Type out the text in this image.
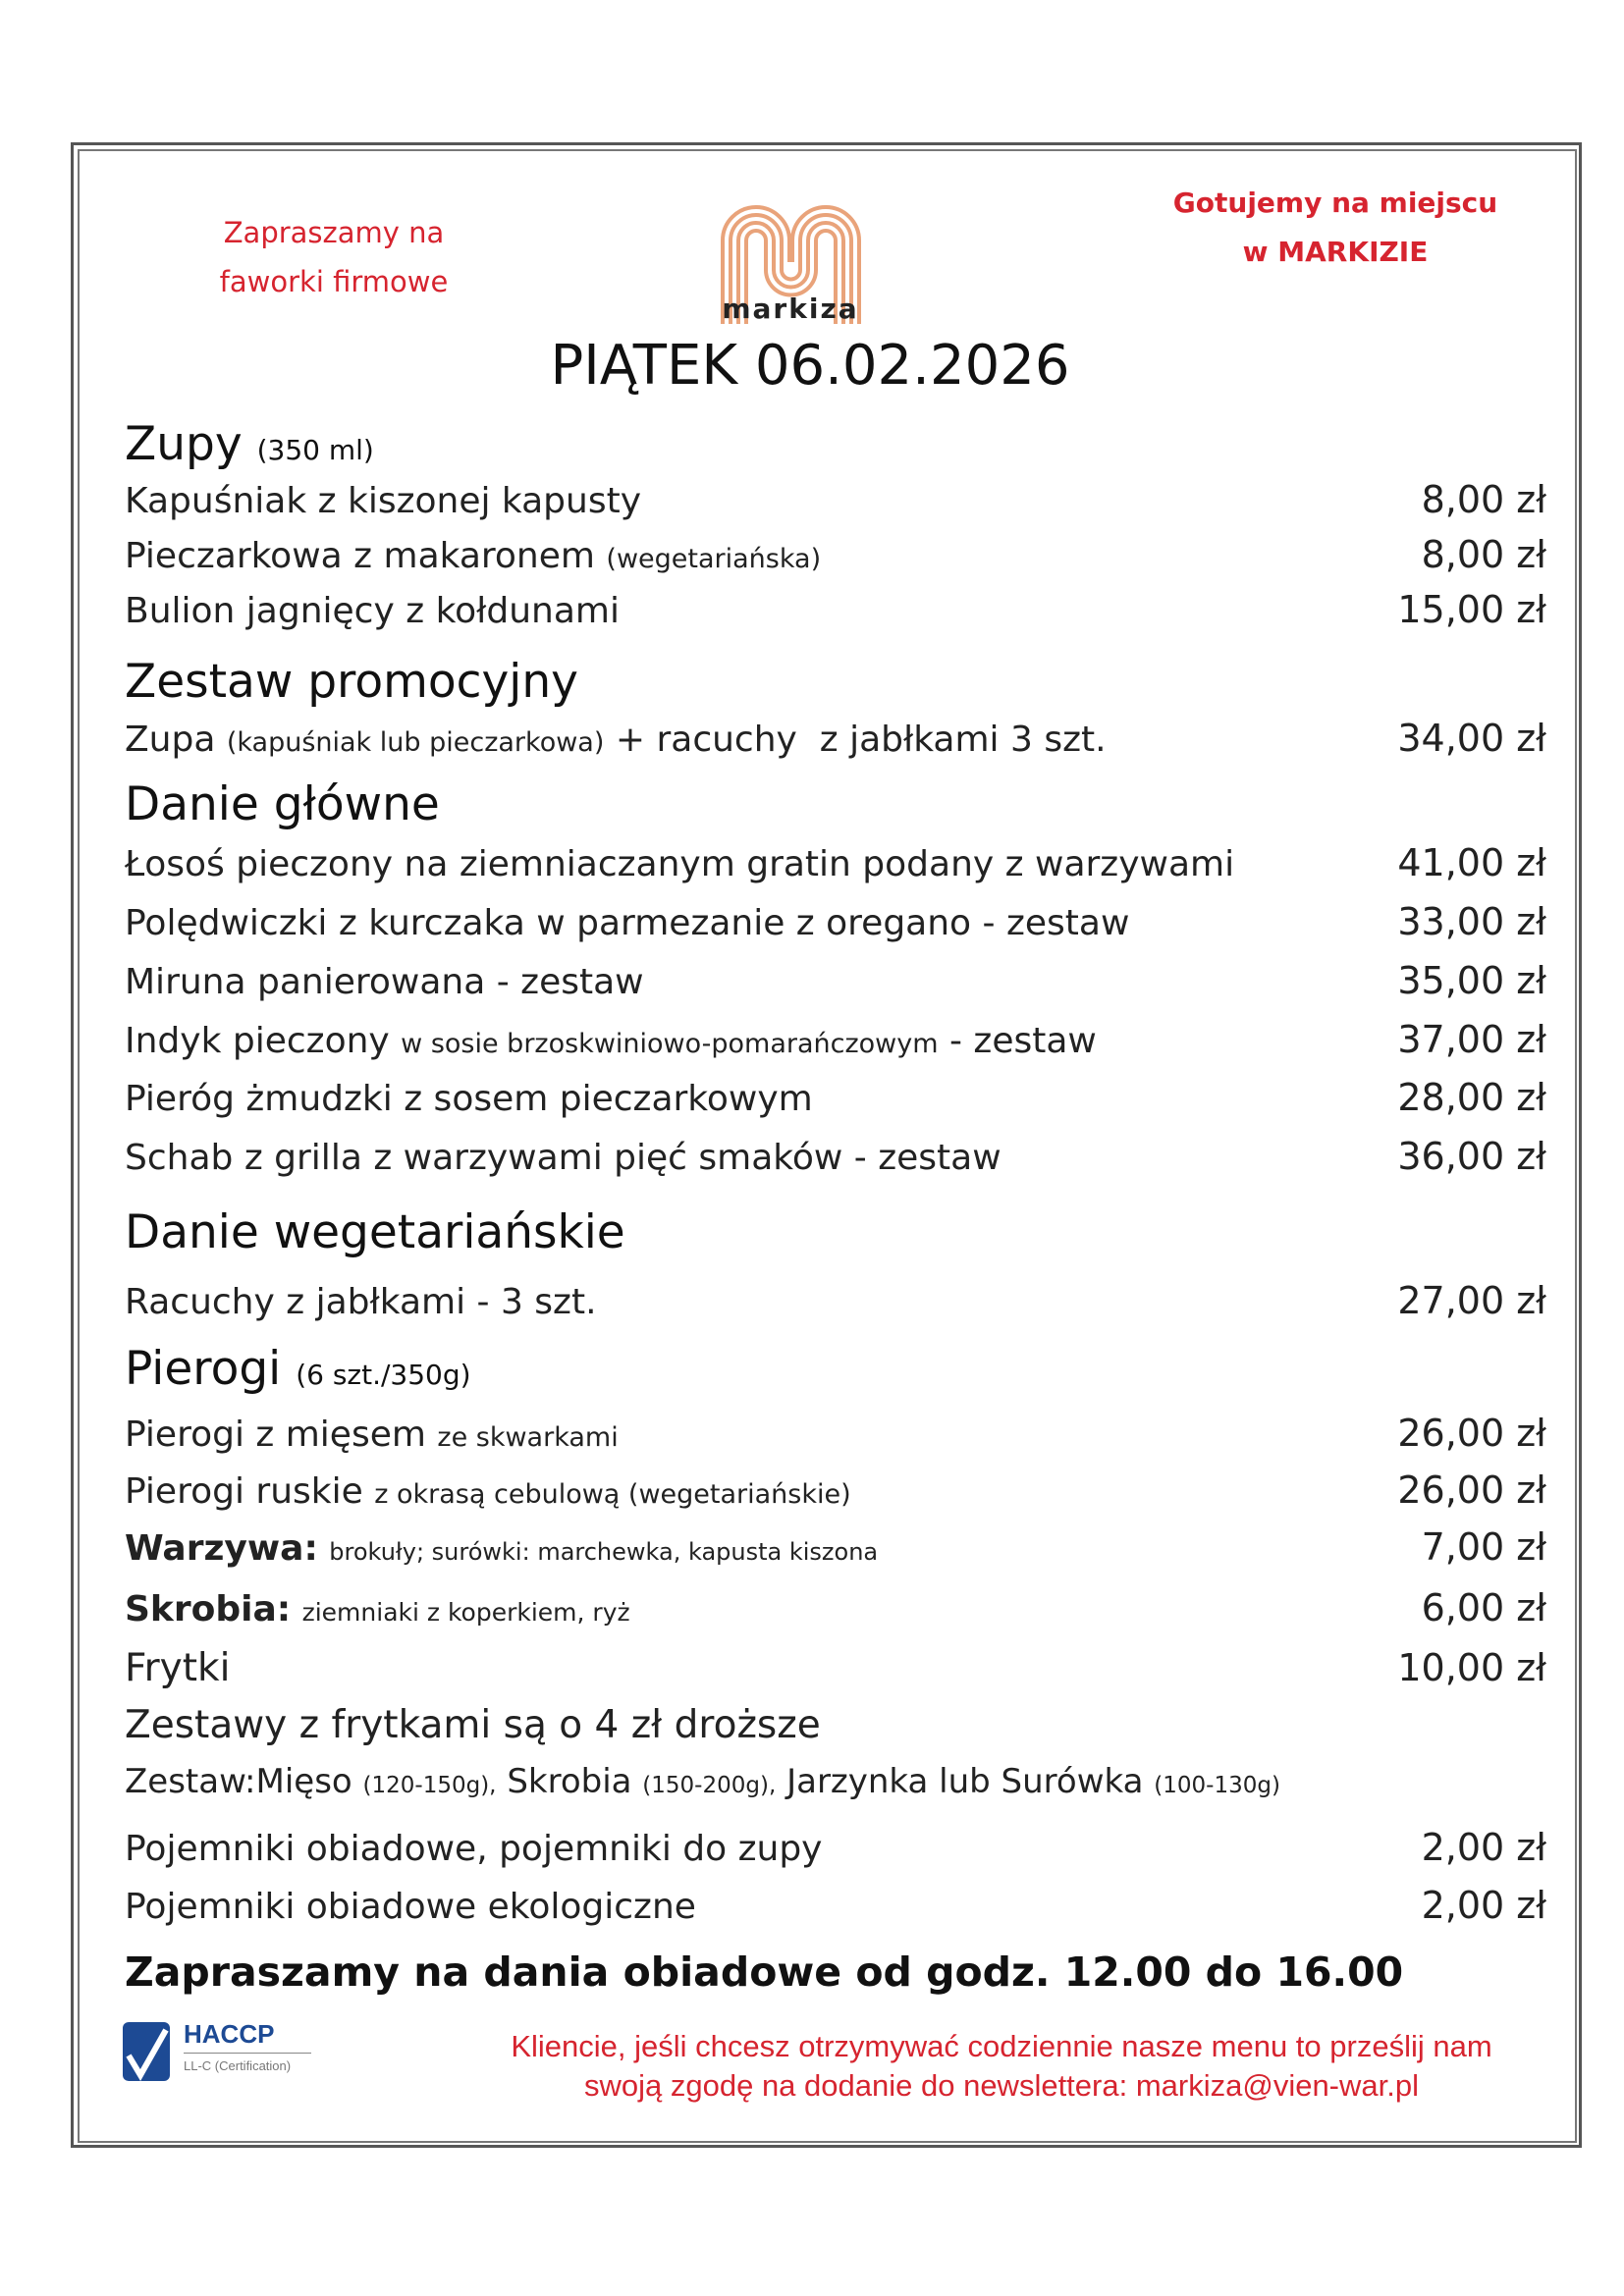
Zapraszamy na
faworki firmowe
Gotujemy na miejscu
w MARKIZIE
markiza
PIĄTEK 06.02.2026
Zupy (350 ml)
Kapuśniak z kiszonej kapusty	8,00 zł
Pieczarkowa z makaronem (wegetariańska)	8,00 zł
Bulion jagnięcy z kołdunami	15,00 zł
Zestaw promocyjny
Zupa (kapuśniak lub pieczarkowa) + racuchy  z jabłkami 3 szt.	34,00 zł
Danie główne
Łosoś pieczony na ziemniaczanym gratin podany z warzywami	41,00 zł
Polędwiczki z kurczaka w parmezanie z oregano - zestaw	33,00 zł
Miruna panierowana - zestaw	35,00 zł
Indyk pieczony w sosie brzoskwiniowo-pomarańczowym - zestaw	37,00 zł
Pieróg żmudzki z sosem pieczarkowym	28,00 zł
Schab z grilla z warzywami pięć smaków - zestaw	36,00 zł
Danie wegetariańskie
Racuchy z jabłkami - 3 szt.	27,00 zł
Pierogi (6 szt./350g)
Pierogi z mięsem ze skwarkami	26,00 zł
Pierogi ruskie z okrasą cebulową (wegetariańskie)	26,00 zł
Warzywa: brokuły; surówki: marchewka, kapusta kiszona	7,00 zł
Skrobia: ziemniaki z koperkiem, ryż	6,00 zł
Frytki	10,00 zł
Zestawy z frytkami są o 4 zł droższe
Zestaw:Mięso (120-150g), Skrobia (150-200g), Jarzynka lub Surówka (100-130g)
Pojemniki obiadowe, pojemniki do zupy	2,00 zł
Pojemniki obiadowe ekologiczne	2,00 zł
Zapraszamy na dania obiadowe od godz. 12.00 do 16.00
HACCP
LL-C (Certification)
Kliencie, jeśli chcesz otrzymywać codziennie nasze menu to prześlij nam
swoją zgodę na dodanie do newslettera: markiza@vien-war.pl
